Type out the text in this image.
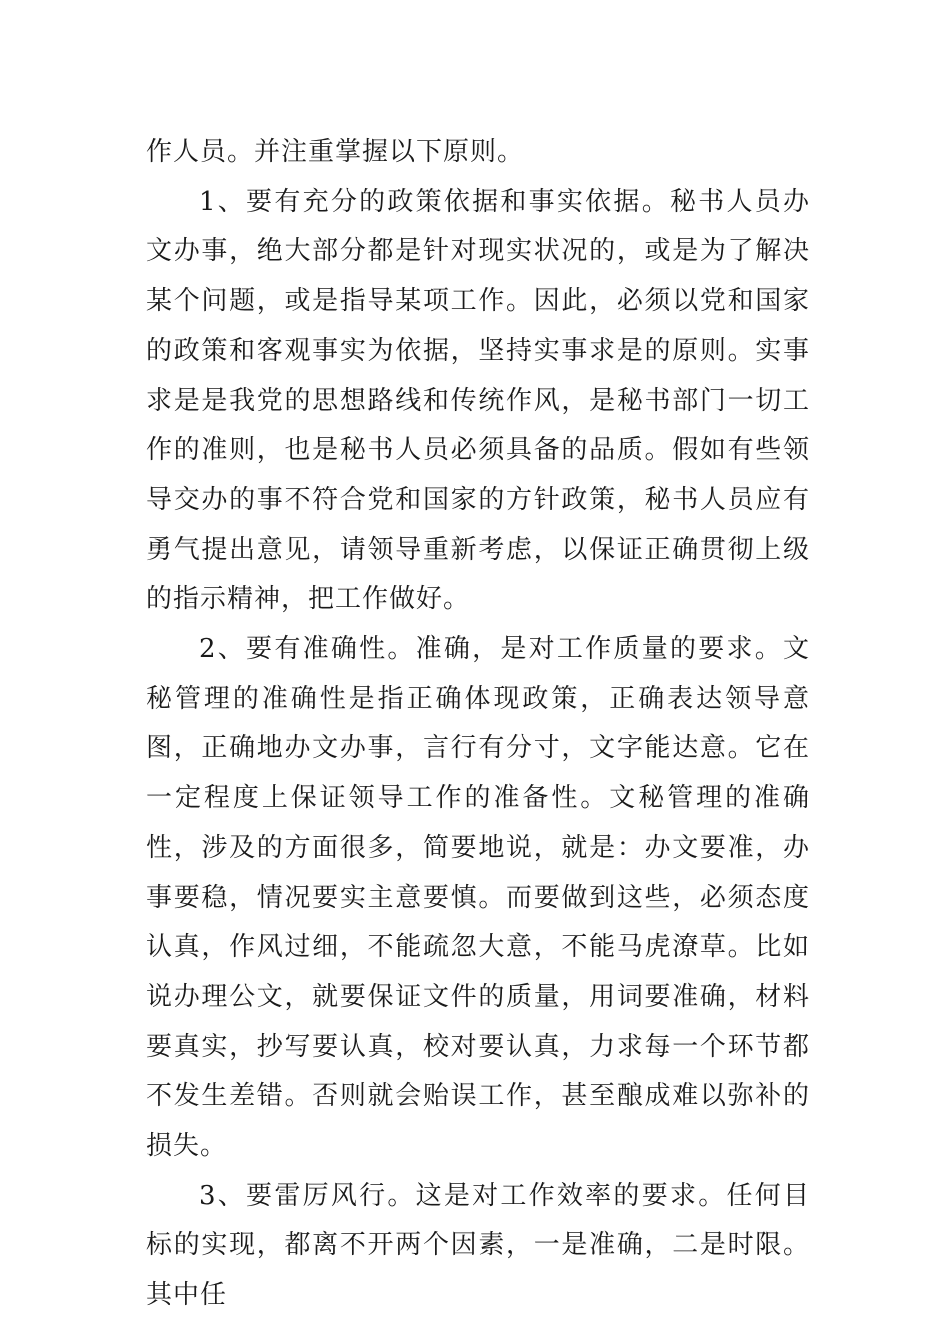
作人员。并注重掌握以下原则。

1、要有充分的政策依据和事实依据。秘书人员办文办事，绝大部分都是针对现实状况的，或是为了解决某个问题，或是指导某项工作。因此，必须以党和国家的政策和客观事实为依据，坚持实事求是的原则。实事求是是我党的思想路线和传统作风，是秘书部门一切工作的准则，也是秘书人员必须具备的品质。假如有些领导交办的事不符合党和国家的方针政策，秘书人员应有勇气提出意见，请领导重新考虑，以保证正确贯彻上级的指示精神，把工作做好。

2、要有准确性。准确，是对工作质量的要求。文秘管理的准确性是指正确体现政策，正确表达领导意图，正确地办文办事，言行有分寸，文字能达意。它在一定程度上保证领导工作的准备性。文秘管理的准确性，涉及的方面很多，简要地说，就是：办文要准，办事要稳，情况要实主意要慎。而要做到这些，必须态度认真，作风过细，不能疏忽大意，不能马虎潦草。比如说办理公文，就要保证文件的质量，用词要准确，材料要真实，抄写要认真，校对要认真，力求每一个环节都不发生差错。否则就会贻误工作，甚至酿成难以弥补的损失。

3、要雷厉风行。这是对工作效率的要求。任何目标的实现，都离不开两个因素，一是准确，二是时限。其中任
